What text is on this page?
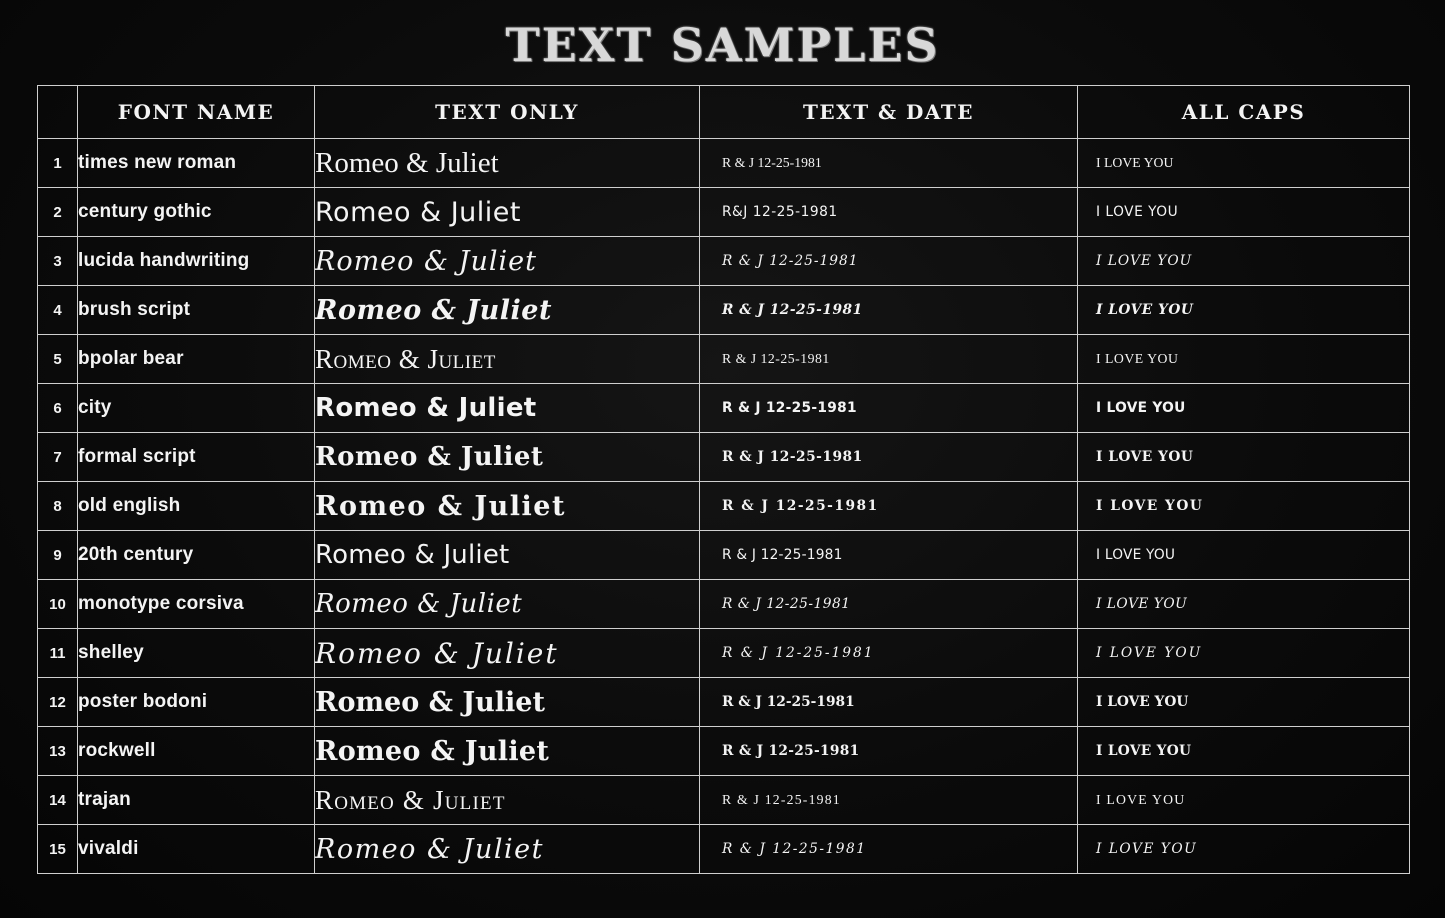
TEXT SAMPLES
	FONT NAME	TEXT ONLY	TEXT & DATE	ALL CAPS
1	times new roman	Romeo & Juliet	R & J 12-25-1981	I LOVE YOU
2	century gothic	Romeo & Juliet	R&J 12-25-1981	I LOVE YOU
3	lucida handwriting	Romeo & Juliet	R & J 12-25-1981	I LOVE YOU
4	brush script	Romeo & Juliet	R & J 12-25-1981	I LOVE YOU
5	bpolar bear	Romeo & Juliet	R & J 12-25-1981	I LOVE YOU
6	city	Romeo & Juliet	R & J 12-25-1981	I LOVE YOU
7	formal script	Romeo & Juliet	R & J 12-25-1981	I LOVE YOU
8	old english	Romeo & Juliet	R & J 12-25-1981	I LOVE YOU
9	20th century	Romeo & Juliet	R & J 12-25-1981	I LOVE YOU
10	monotype corsiva	Romeo & Juliet	R & J 12-25-1981	I LOVE YOU
11	shelley	Romeo & Juliet	R & J 12-25-1981	I LOVE YOU
12	poster bodoni	Romeo & Juliet	R & J 12-25-1981	I LOVE YOU
13	rockwell	Romeo & Juliet	R & J 12-25-1981	I LOVE YOU
14	trajan	Romeo & Juliet	R & J 12-25-1981	I LOVE YOU
15	vivaldi	Romeo & Juliet	R & J 12-25-1981	I LOVE YOU
